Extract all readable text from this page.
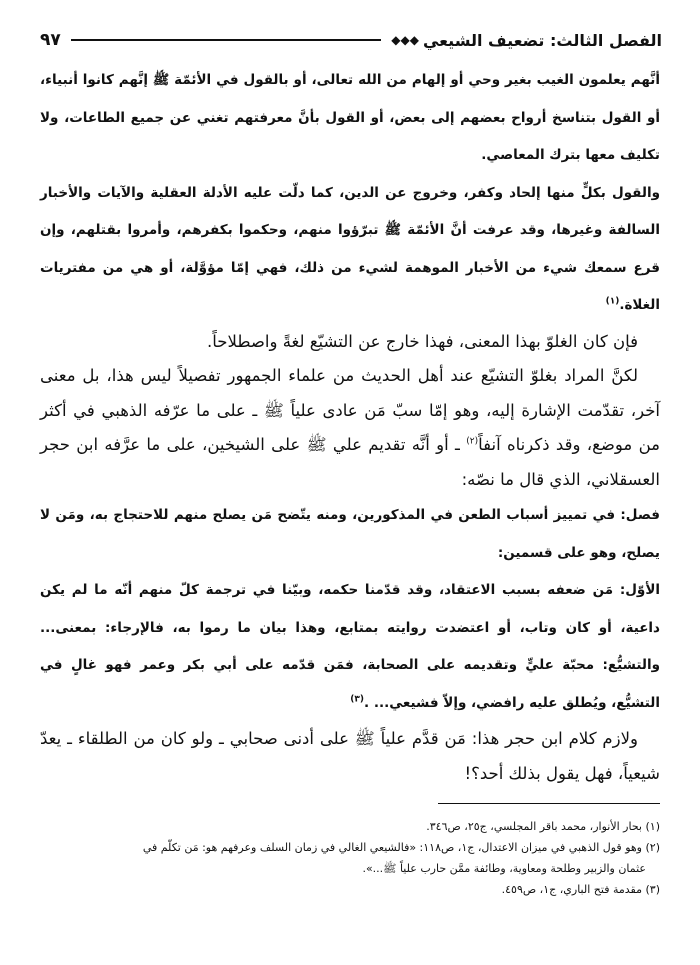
الفصل الثالث: تضعيف الشيعي
◆◆◆
٩٧

أنَّهم يعلمون الغيب بغير وحي أو إلهام من الله تعالى، أو بالقول في الأئمّة ﷺ إنَّهم كانوا أنبياء، أو القول بتناسخ أرواح بعضهم إلى بعض، أو القول بأنَّ معرفتهم تغني عن جميع الطاعات، ولا تكليف معها بترك المعاصي.

والقول بكلٍّ منها إلحاد وكفر، وخروج عن الدين، كما دلّت عليه الأدلة العقلية والآيات والأخبار السالفة وغيرها، وقد عرفت أنَّ الأئمّة ﷺ تبرّؤوا منهم، وحكموا بكفرهم، وأمروا بقتلهم، وإن قرع سمعك شيء من الأخبار الموهمة لشيء من ذلك، فهي إمّا مؤوَّلة، أو هي من مفتريات الغلاة.$^{(١)}$

فإن كان الغلوّ بهذا المعنى، فهذا خارج عن التشيّع لغةً واصطلاحاً.

لكنَّ المراد بغلوّ التشيّع عند أهل الحديث من علماء الجمهور تفصيلاً ليس هذا، بل معنى آخر، تقدّمت الإشارة إليه، وهو إمّا سبّ مَن عادى علياً ﷺ ـ على ما عرّفه الذهبي في أكثر من موضع، وقد ذكرناه آنفاً$^{(٢)}$ ـ أو أنَّه تقديم علي ﷺ على الشيخين، على ما عرَّفه ابن حجر العسقلاني، الذي قال ما نصّه:

فصل: في تمييز أسباب الطعن في المذكورين، ومنه يتّضح مَن يصلح منهم للاحتجاج به، ومَن لا يصلح، وهو على قسمين:

الأوّل: مَن ضعفه بسبب الاعتقاد، وقد قدّمنا حكمه، وبيّنا في ترجمة كلّ منهم أنّه ما لم يكن داعية، أو كان وتاب، أو اعتضدت روايته بمتابع، وهذا بيان ما رموا به، فالإرجاء: بمعنى... والتشيُّع: محبّة عليٍّ وتقديمه على الصحابة، فمَن قدّمه على أبي بكر وعمر فهو غالٍ في التشيُّع، ويُطلق عليه رافضي، وإلاّ فشيعي... .$^{(٣)}$

ولازم كلام ابن حجر هذا: مَن قدَّم علياً ﷺ على أدنى صحابي ـ ولو كان من الطلقاء ـ يعدّ شيعياً، فهل يقول بذلك أحد؟!

(١) بحار الأنوار، محمد باقر المجلسي، ج٢٥، ص٣٤٦.

(٢) وهو قول الذهبي في ميزان الاعتدال، ج١، ص١١٨: «فالشيعي الغالي في زمان السلف وعرفهم هو: مَن تكلّم في

عثمان والزبير وطلحة ومعاوية، وطائفة ممَّن حارب علياً ﷺ...».

(٣) مقدمة فتح الباري، ج١، ص٤٥٩.
